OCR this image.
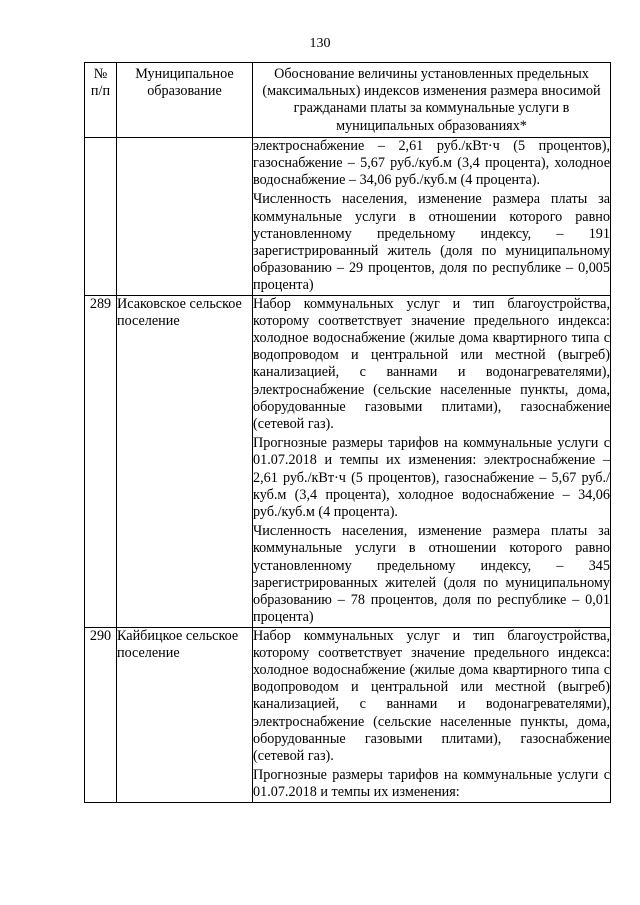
130
№ п/п	Муниципальное образование	Обоснование величины установленных предельных (максимальных) индексов изменения размера вносимой гражданами платы за коммунальные услуги в муниципальных образованиях*

		электроснабжение – 2,61 руб./кВт·ч (5 процентов), газоснабжение – 5,67 руб./куб.м (3,4 процента), холодное водоснабжение – 34,06 руб./куб.м (4 процента).

Численность населения, изменение размера платы за коммунальные услуги в отношении которого равно установленному предельному индексу, – 191 зарегистрированный житель (доля по муниципальному образованию – 29 процентов, доля по республике – 0,005 процента)

289	Исаковское сельское поселение	Набор коммунальных услуг и тип благоустройства, которому соответствует значение предельного индекса: холодное водоснабжение (жилые дома квартирного типа с водопроводом и центральной или местной (выгреб) канализацией, с ваннами и водонагревателями), электроснабжение (сельские населенные пункты, дома, оборудованные газовыми плитами), газоснабжение (сетевой газ).

Прогнозные размеры тарифов на коммунальные услуги с 01.07.2018 и темпы их изменения: электроснабжение – 2,61 руб./кВт·ч (5 процентов), газоснабжение – 5,67 руб./куб.м (3,4 процента), холодное водоснабжение – 34,06 руб./куб.м (4 процента).

Численность населения, изменение размера платы за коммунальные услуги в отношении которого равно установленному предельному индексу, – 345 зарегистрированных жителей (доля по муниципальному образованию – 78 процентов, доля по республике – 0,01 процента)

290	Кайбицкое сельское поселение	Набор коммунальных услуг и тип благоустройства, которому соответствует значение предельного индекса: холодное водоснабжение (жилые дома квартирного типа с водопроводом и центральной или местной (выгреб) канализацией, с ваннами и водонагревателями), электроснабжение (сельские населенные пункты, дома, оборудованные газовыми плитами), газоснабжение (сетевой газ).

Прогнозные размеры тарифов на коммунальные услуги с 01.07.2018 и темпы их изменения:
